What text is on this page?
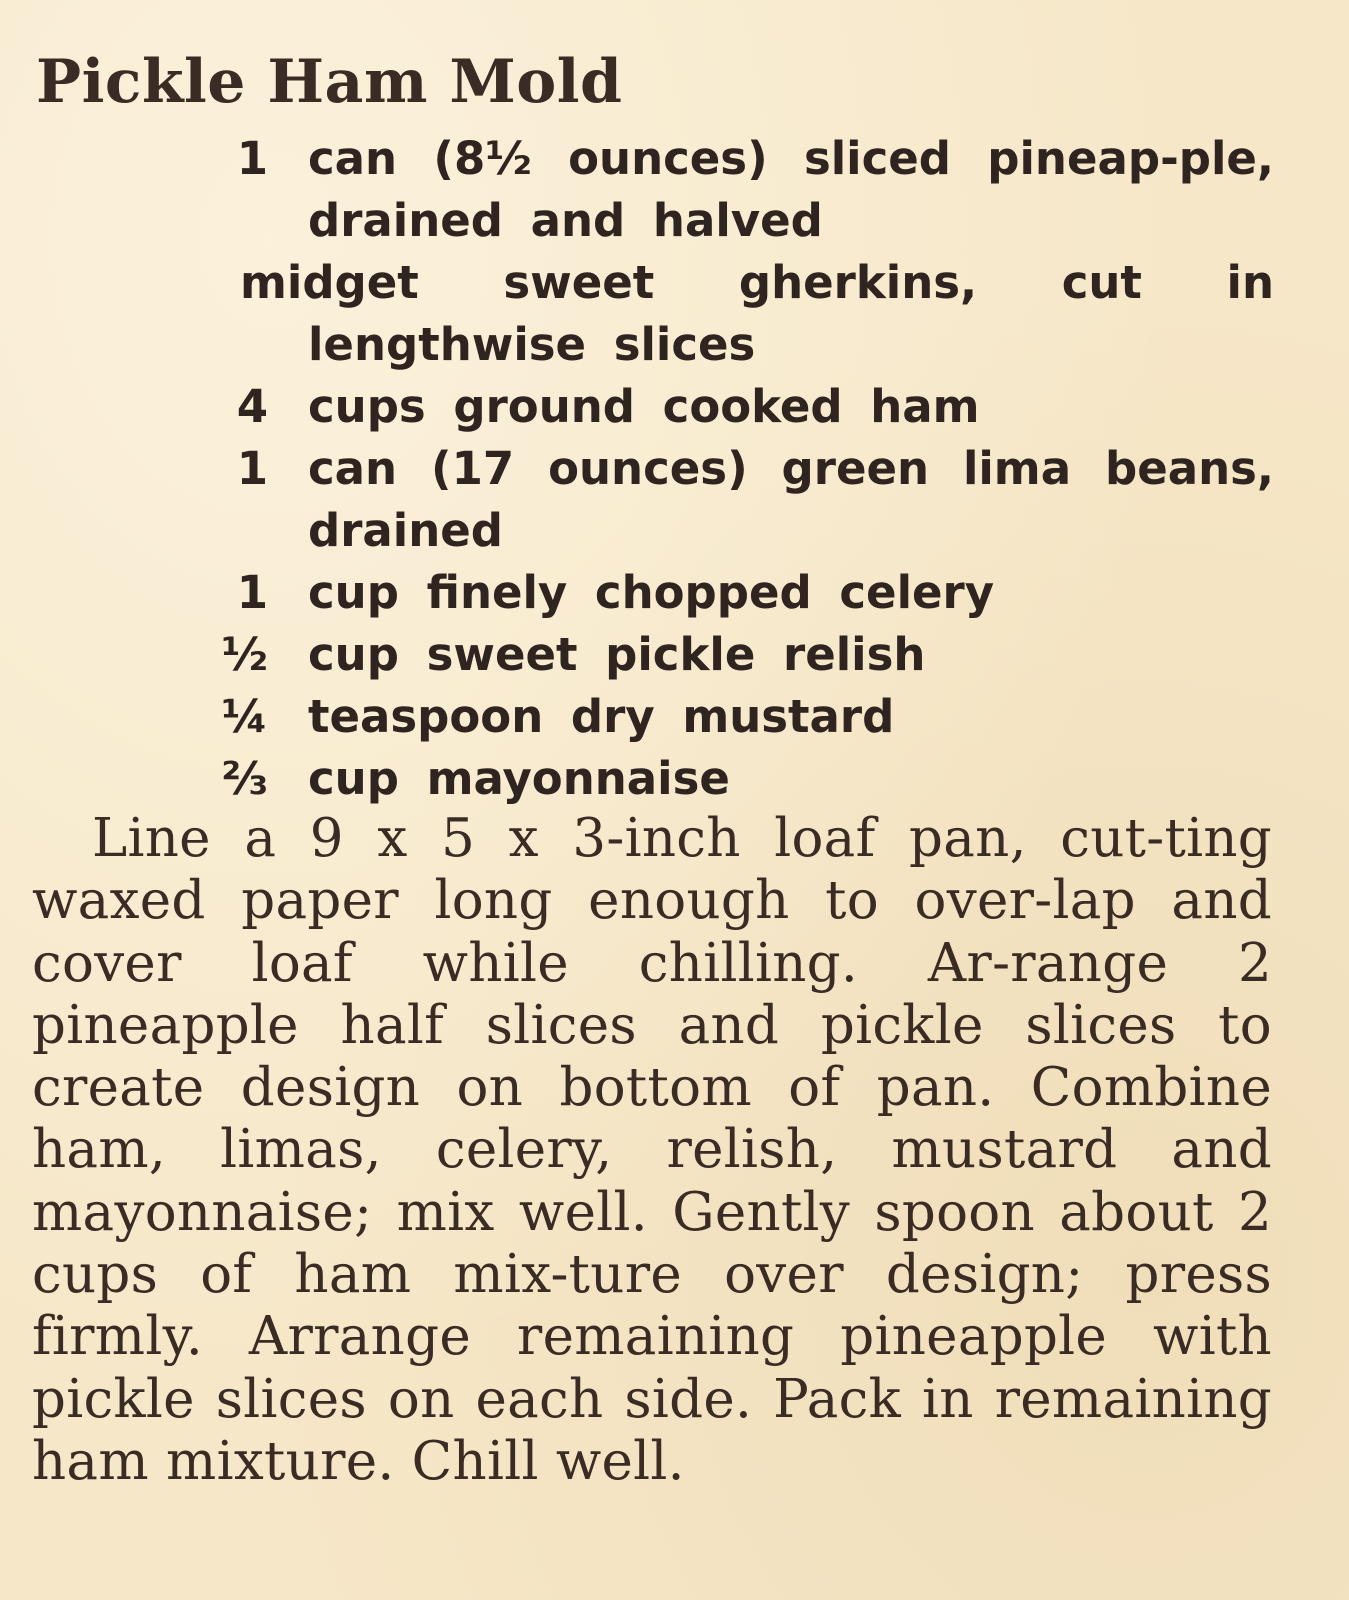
Pickle Ham Mold
1 can (8½ ounces) sliced pineap-ple, drained and halved
midget sweet gherkins, cut in lengthwise slices
4 cups ground cooked ham
1 can (17 ounces) green lima beans, drained
1 cup finely chopped celery
½ cup sweet pickle relish
¼ teaspoon dry mustard
⅔ cup mayonnaise

Line a 9 x 5 x 3-inch loaf pan, cut-ting waxed paper long enough to over-lap and cover loaf while chilling. Ar-range 2 pineapple half slices and pickle slices to create design on bottom of pan. Combine ham, limas, celery, relish, mustard and mayonnaise; mix well. Gently spoon about 2 cups of ham mix-ture over design; press firmly. Arrange remaining pineapple with pickle slices on each side. Pack in remaining ham mixture. Chill well.
